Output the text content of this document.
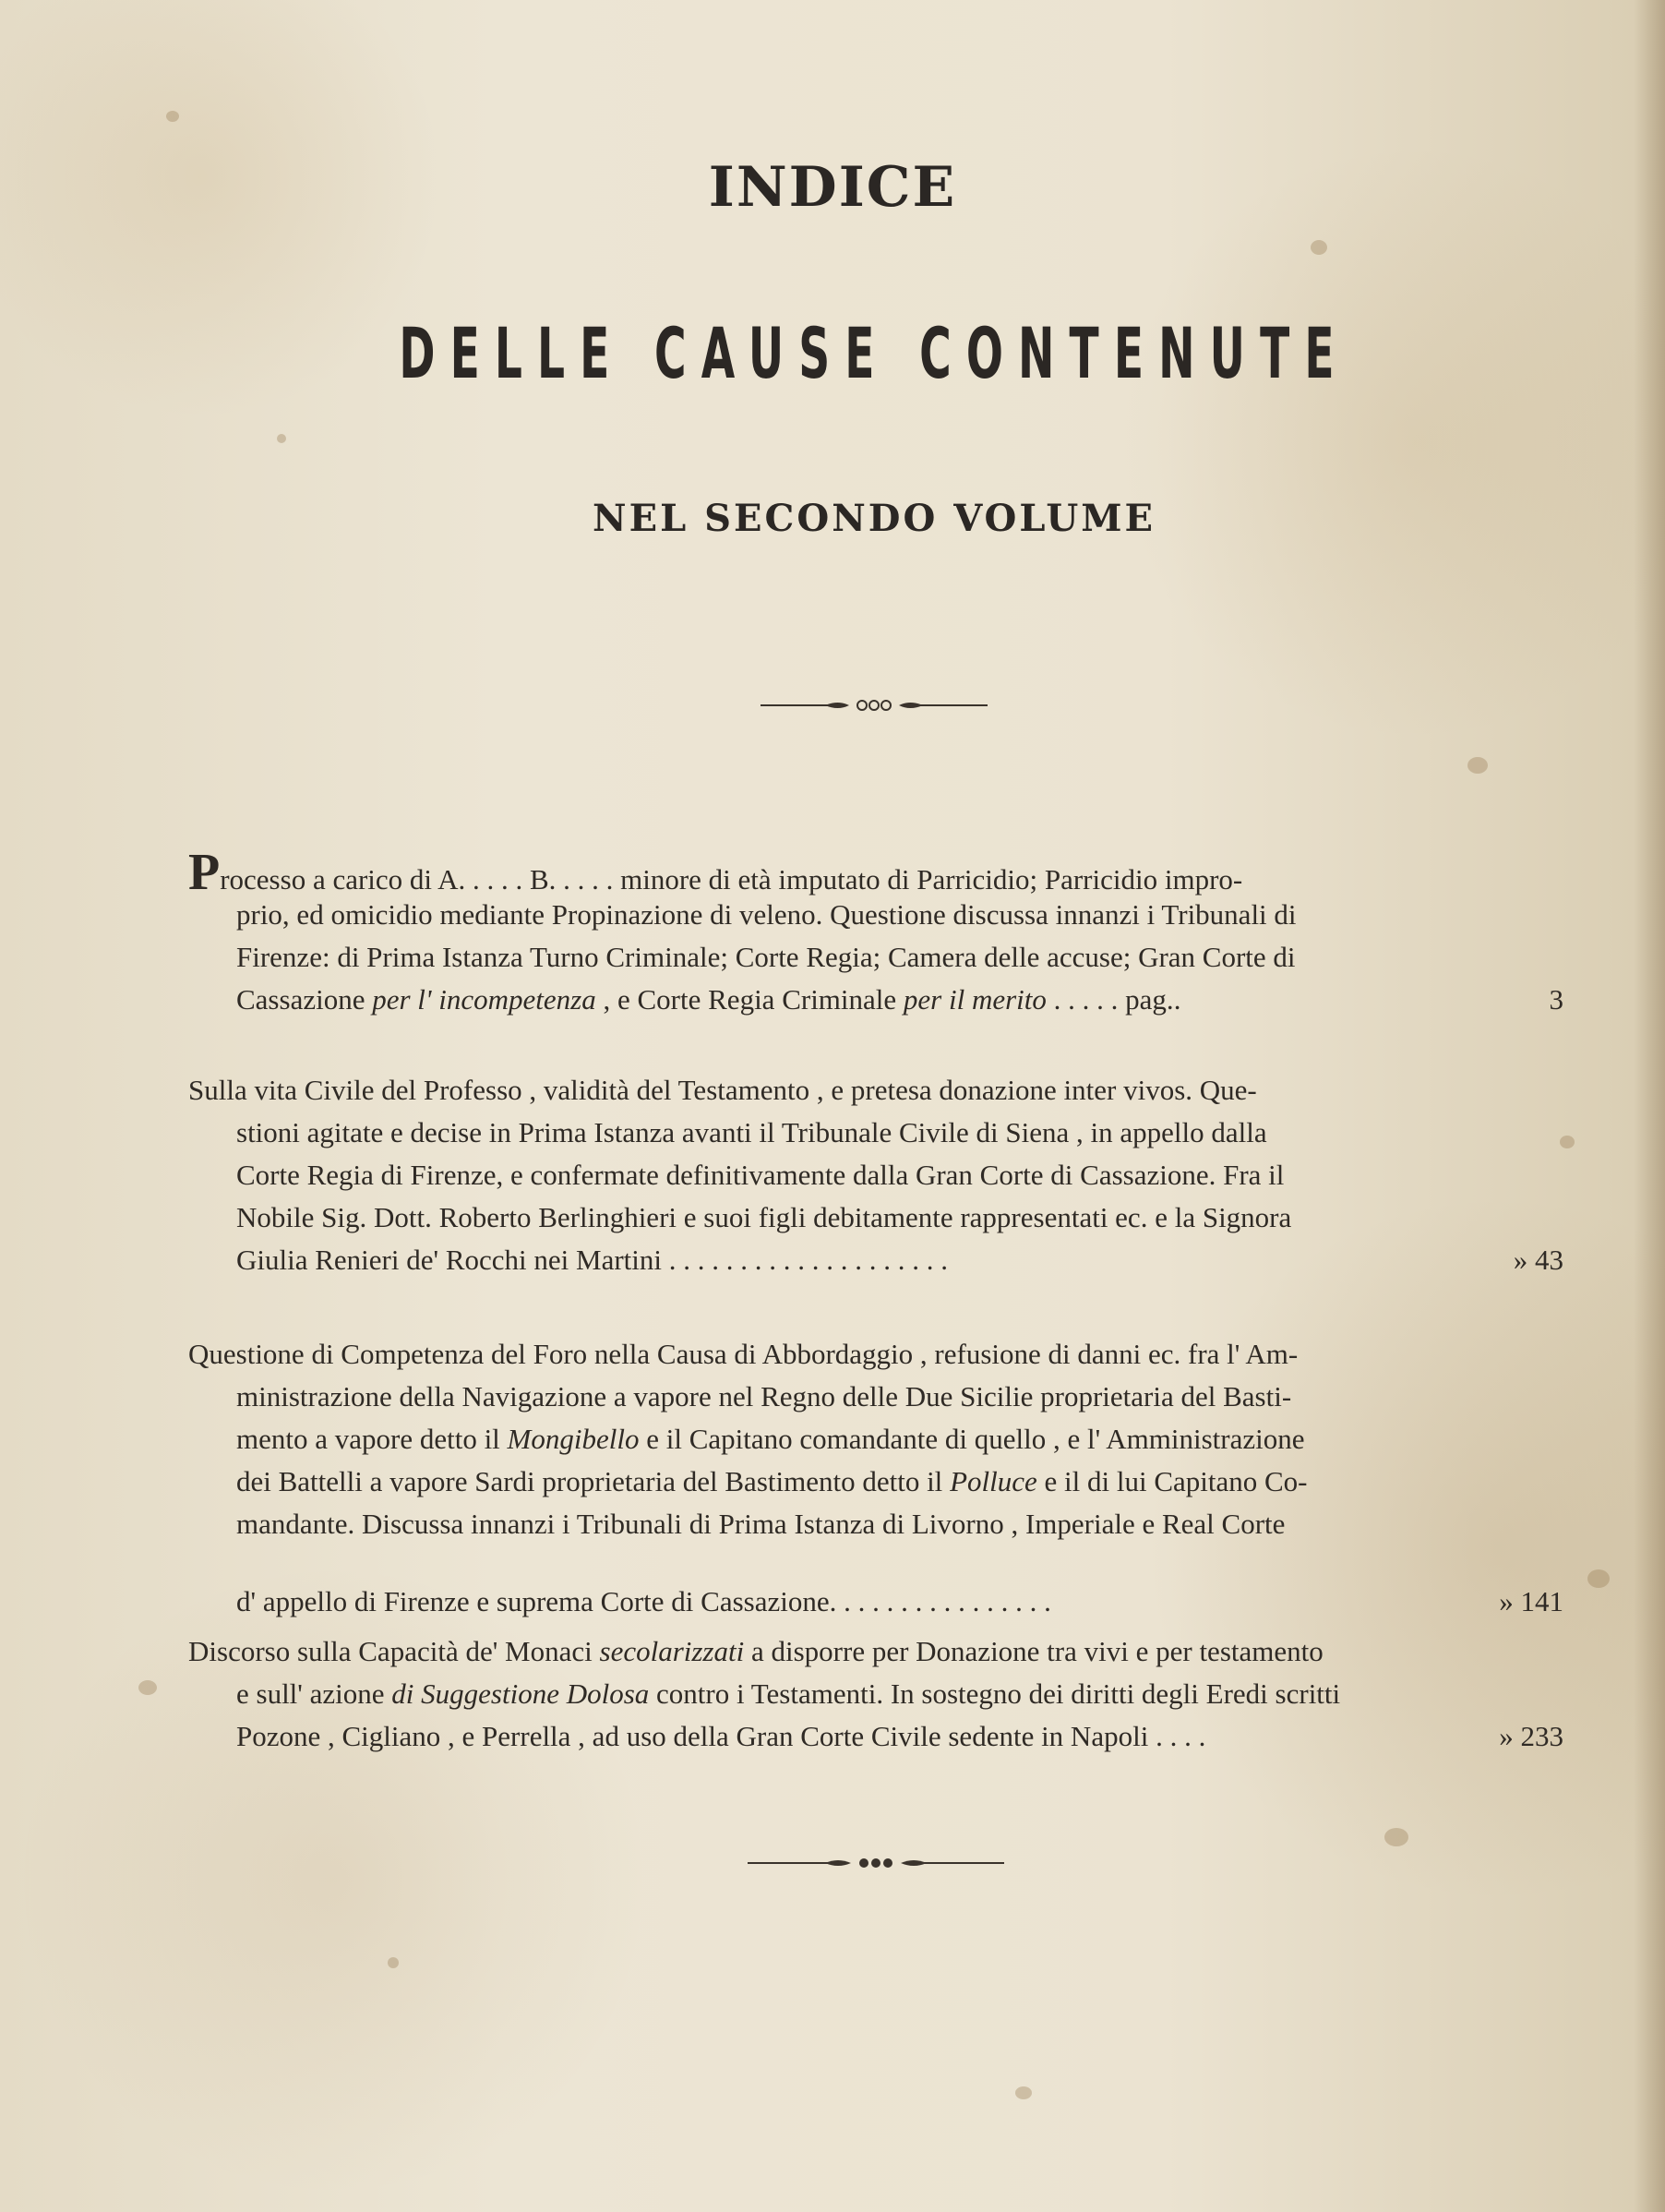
INDICE
DELLE CAUSE CONTENUTE
NEL SECONDO VOLUME
Processo a carico di A. . . . . B. . . . . minore di età imputato di Parricidio; Parricidio impro-
prio, ed omicidio mediante Propinazione di veleno. Questione discussa innanzi i Tribunali di
Firenze: di Prima Istanza Turno Criminale; Corte Regia; Camera delle accuse; Gran Corte di
Cassazione per l' incompetenza , e Corte Regia Criminale per il merito . . . . . pag..	3
Sulla vita Civile del Professo , validità del Testamento , e pretesa donazione inter vivos. Que-
stioni agitate e decise in Prima Istanza avanti il Tribunale Civile di Siena , in appello dalla
Corte Regia di Firenze, e confermate definitivamente dalla Gran Corte di Cassazione. Fra il
Nobile Sig. Dott. Roberto Berlinghieri e suoi figli debitamente rappresentati ec. e la Signora
Giulia Renieri de' Rocchi nei Martini . . . . . . . . . . . . . . . . . . . .	» 43
Questione di Competenza del Foro nella Causa di Abbordaggio , refusione di danni ec. fra l' Am-
ministrazione della Navigazione a vapore nel Regno delle Due Sicilie proprietaria del Basti-
mento a vapore detto il Mongibello e il Capitano comandante di quello , e l' Amministrazione
dei Battelli a vapore Sardi proprietaria del Bastimento detto il Polluce e il di lui Capitano Co-
mandante. Discussa innanzi i Tribunali di Prima Istanza di Livorno , Imperiale e Real Corte
d' appello di Firenze e suprema Corte di Cassazione. . . . . . . . . . . . . . . .	» 141
Discorso sulla Capacità de' Monaci secolarizzati a disporre per Donazione tra vivi e per testamento
e sull' azione di Suggestione Dolosa contro i Testamenti. In sostegno dei diritti degli Eredi scritti
Pozone , Cigliano , e Perrella , ad uso della Gran Corte Civile sedente in Napoli . . . .	» 233
